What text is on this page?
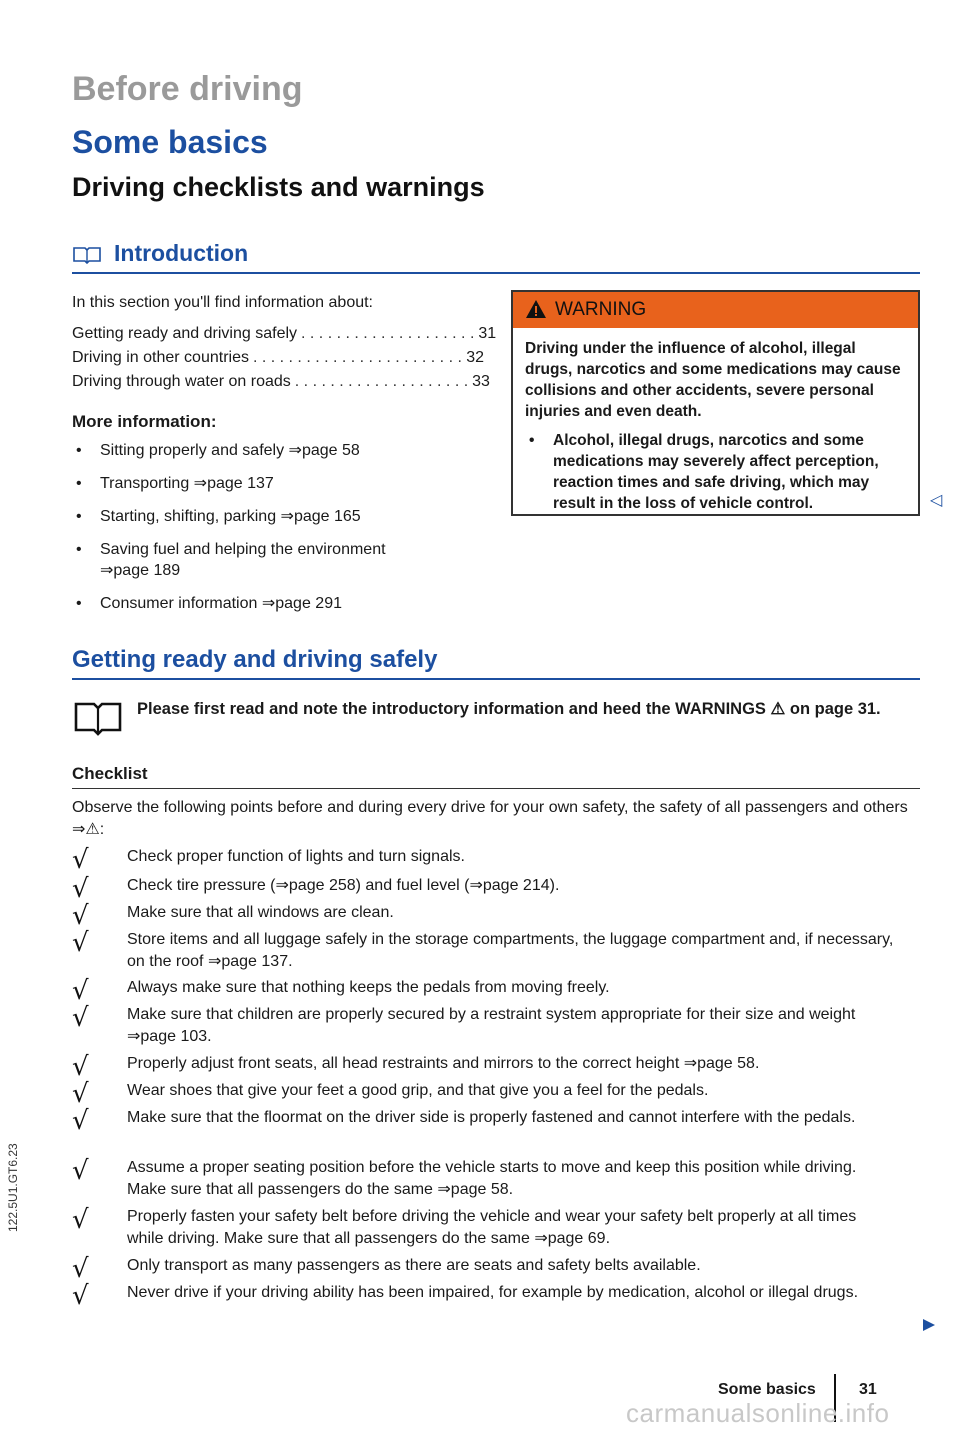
Before driving
Some basics
Driving checklists and warnings
Introduction
In this section you'll find information about:
Getting ready and driving safely . . . . . . . . . . . . . . . . . . . . 31
Driving in other countries . . . . . . . . . . . . . . . . . . . . . . . . 32
Driving through water on roads . . . . . . . . . . . . . . . . . . . . 33
More information:
• Sitting properly and safely ⇒page 58
• Transporting ⇒page 137
• Starting, shifting, parking ⇒page 165
• Saving fuel and helping the environment ⇒page 189
• Consumer information ⇒page 291
WARNING
Driving under the influence of alcohol, illegal drugs, narcotics and some medications may cause collisions and other accidents, severe personal injuries and even death.
• Alcohol, illegal drugs, narcotics and some medications may severely affect perception, reaction times and safe driving, which may result in the loss of vehicle control.	◁
Getting ready and driving safely
Please first read and note the introductory information and heed the WARNINGS ⚠ on page 31.
Checklist
Observe the following points before and during every drive for your own safety, the safety of all passengers and others ⇒⚠:
√ Check proper function of lights and turn signals.
√ Check tire pressure (⇒page 258) and fuel level (⇒page 214).
√ Make sure that all windows are clean.
√ Store items and all luggage safely in the storage compartments, the luggage compartment and, if necessary, on the roof ⇒page 137.
√ Always make sure that nothing keeps the pedals from moving freely.
√ Make sure that children are properly secured by a restraint system appropriate for their size and weight ⇒page 103.
√ Properly adjust front seats, all head restraints and mirrors to the correct height ⇒page 58.
√ Wear shoes that give your feet a good grip, and that give you a feel for the pedals.
√ Make sure that the floormat on the driver side is properly fastened and cannot interfere with the pedals.
√ Assume a proper seating position before the vehicle starts to move and keep this position while driving. Make sure that all passengers do the same ⇒page 58.
√ Properly fasten your safety belt before driving the vehicle and wear your safety belt properly at all times while driving. Make sure that all passengers do the same ⇒page 69.
√ Only transport as many passengers as there are seats and safety belts available.
√ Never drive if your driving ability has been impaired, for example by medication, alcohol or illegal drugs.
122.5U1.GT6.23
Some basics	31
carmanualsonline.info
